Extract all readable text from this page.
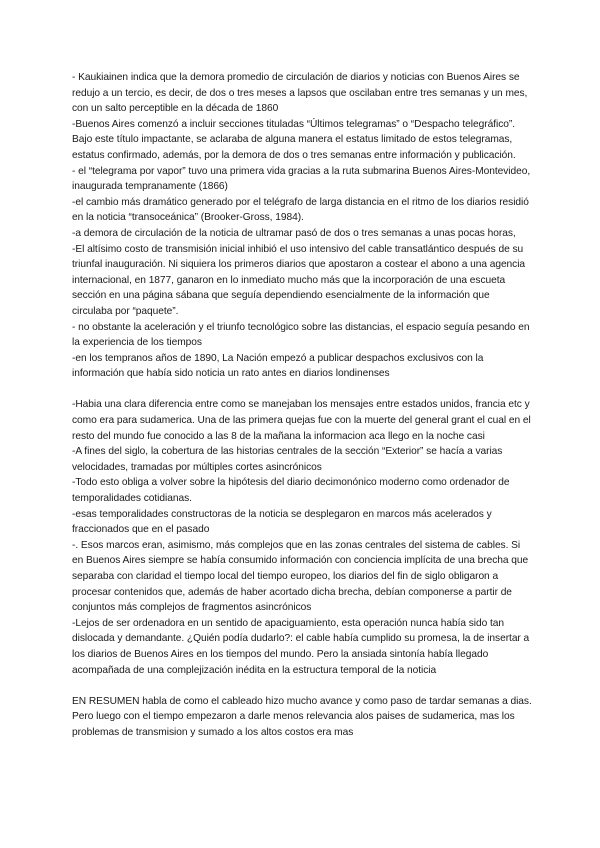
- Kaukiainen indica que la demora promedio de circulación de diarios y noticias con Buenos Aires se redujo a un tercio, es decir, de dos o tres meses a lapsos que oscilaban entre tres semanas y un mes, con un salto perceptible en la década de 1860

-Buenos Aires comenzó a incluir secciones tituladas “Últimos telegramas” o “Despacho telegráfico”. Bajo este título impactante, se aclaraba de alguna manera el estatus limitado de estos telegramas, estatus confirmado, además, por la demora de dos o tres semanas entre información y publicación.

- el “telegrama por vapor” tuvo una primera vida gracias a la ruta submarina Buenos Aires-Montevideo, inaugurada tempranamente (1866)

-el cambio más dramático generado por el telégrafo de larga distancia en el ritmo de los diarios residió en la noticia “transoceánica” (Brooker-Gross, 1984).

-a demora de circulación de la noticia de ultramar pasó de dos o tres semanas a unas pocas horas,

-El altísimo costo de transmisión inicial inhibió el uso intensivo del cable transatlántico después de su triunfal inauguración. Ni siquiera los primeros diarios que apostaron a costear el abono a una agencia internacional, en 1877, ganaron en lo inmediato mucho más que la incorporación de una escueta sección en una página sábana que seguía dependiendo esencialmente de la información que circulaba por “paquete”.

- no obstante la aceleración y el triunfo tecnológico sobre las distancias, el espacio seguía pesando en la experiencia de los tiempos

-en los tempranos años de 1890, La Nación empezó a publicar despachos exclusivos con la información que había sido noticia un rato antes en diarios londinenses

-Habia una clara diferencia entre como se manejaban los mensajes entre estados unidos, francia etc y como era para sudamerica. Una de las primera quejas fue con la muerte del general grant el cual en el resto del mundo fue conocido a las 8 de la mañana la informacion aca llego en la noche casi

-A fines del siglo, la cobertura de las historias centrales de la sección “Exterior” se hacía a varias velocidades, tramadas por múltiples cortes asincrónicos

-Todo esto obliga a volver sobre la hipótesis del diario decimonónico moderno como ordenador de temporalidades cotidianas.

-esas temporalidades constructoras de la noticia se desplegaron en marcos más acelerados y fraccionados que en el pasado

-. Esos marcos eran, asimismo, más complejos que en las zonas centrales del sistema de cables. Si en Buenos Aires siempre se había consumido información con conciencia implícita de una brecha que separaba con claridad el tiempo local del tiempo europeo, los diarios del fin de siglo obligaron a procesar contenidos que, además de haber acortado dicha brecha, debían componerse a partir de conjuntos más complejos de fragmentos asincrónicos

-Lejos de ser ordenadora en un sentido de apaciguamiento, esta operación nunca había sido tan dislocada y demandante. ¿Quién podía dudarlo?: el cable había cumplido su promesa, la de insertar a los diarios de Buenos Aires en los tiempos del mundo. Pero la ansiada sintonía había llegado acompañada de una complejización inédita en la estructura temporal de la noticia

EN RESUMEN habla de como el cableado hizo mucho avance y como paso de tardar semanas a dias. Pero luego con el tiempo empezaron a darle menos relevancia alos paises de sudamerica, mas los problemas de transmision y sumado a los altos costos era mas
